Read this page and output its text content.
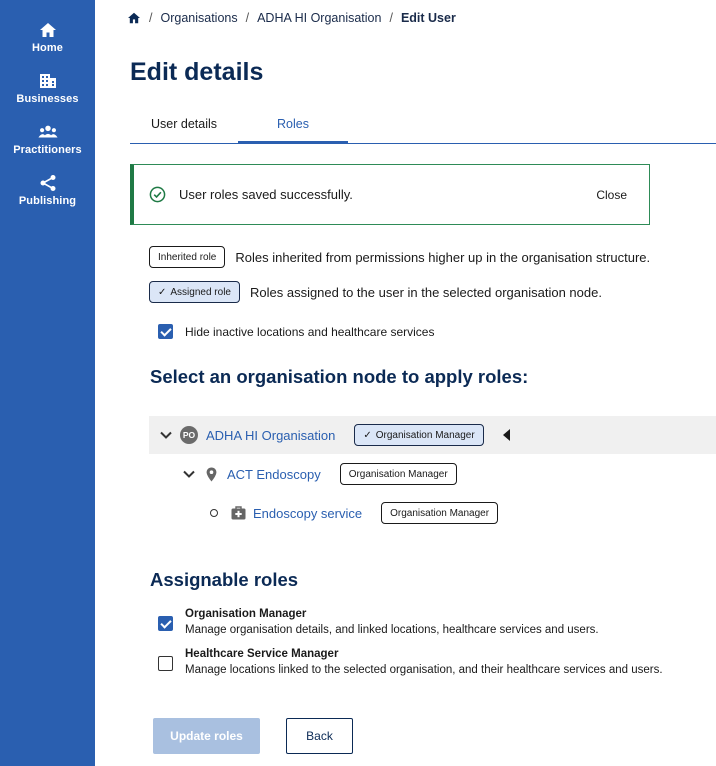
Home
Businesses
Practitioners
Publishing
/ Organisations / ADHA HI Organisation / Edit User
Edit details
User details	Roles
User roles saved successfully.	Close
Inherited role	Roles inherited from permissions higher up in the organisation structure.
✓ Assigned role Roles assigned to the user in the selected organisation node.
Hide inactive locations and healthcare services
Select an organisation node to apply roles:
PO ADHA HI Organisation	✓ Organisation Manager
ACT Endoscopy	Organisation Manager
Endoscopy service	Organisation Manager
Assignable roles
Organisation Manager
Manage organisation details, and linked locations, healthcare services and users.
Healthcare Service Manager
Manage locations linked to the selected organisation, and their healthcare services and users.
Update roles	Back
